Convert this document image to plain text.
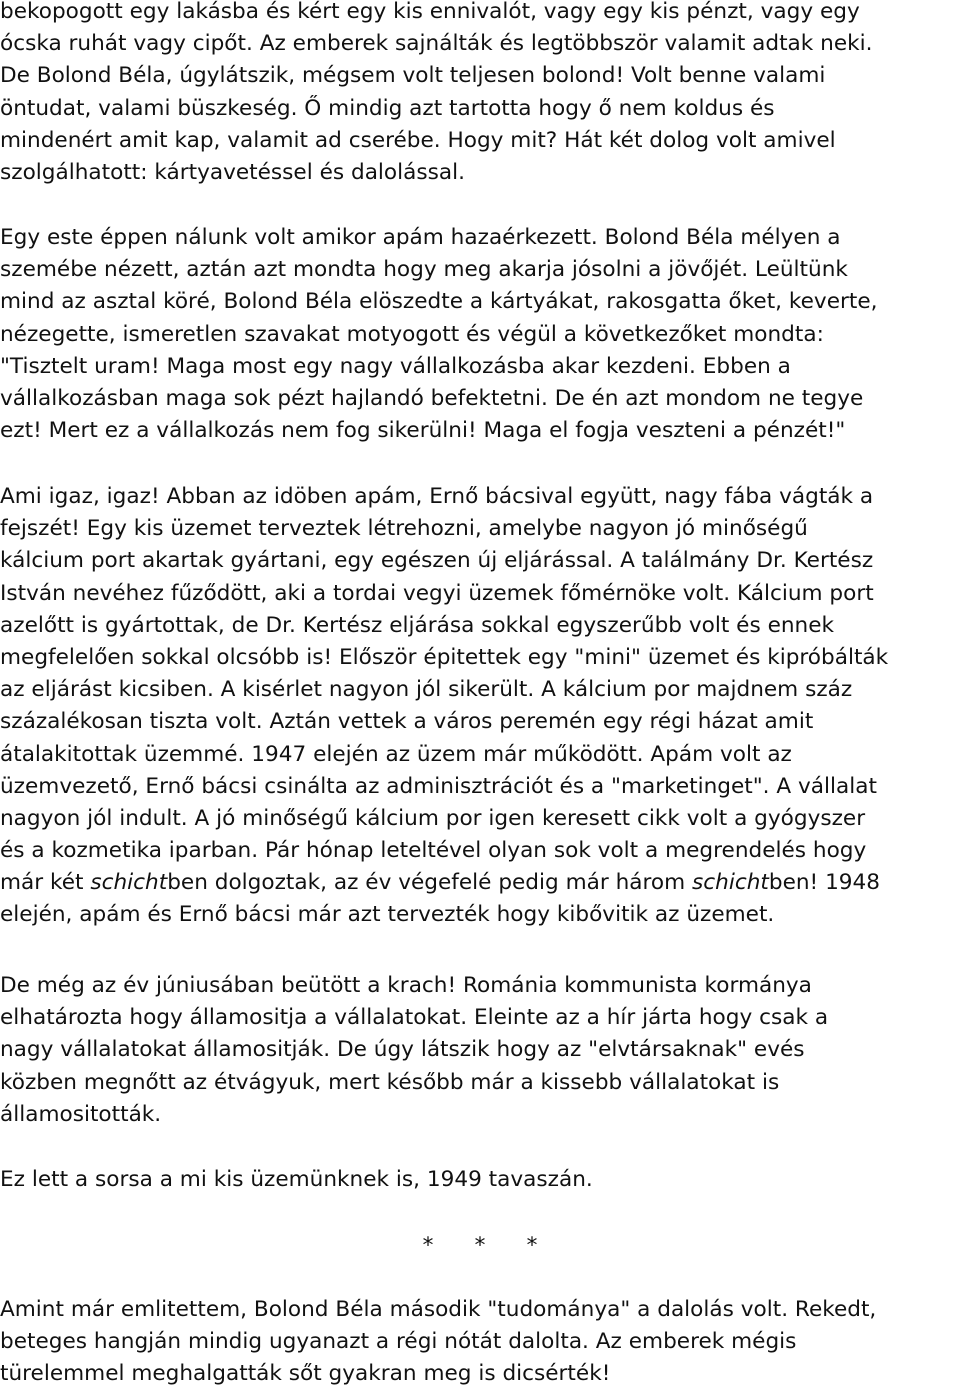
bekopogott egy lakásba és kért egy kis ennivalót, vagy egy kis pénzt, vagy egy
ócska ruhát vagy cipőt. Az emberek sajnálták és legtöbbször valamit adtak neki.
De Bolond Béla, úgylátszik, mégsem volt teljesen bolond! Volt benne valami
öntudat, valami büszkeség. Ő mindig azt tartotta hogy ő nem koldus és
mindenért amit kap, valamit ad cserébe. Hogy mit? Hát két dolog volt amivel
szolgálhatott: kártyavetéssel és dalolással.

Egy este éppen nálunk volt amikor apám hazaérkezett. Bolond Béla mélyen a
szemébe nézett, aztán azt mondta hogy meg akarja jósolni a jövőjét. Leültünk
mind az asztal köré, Bolond Béla elöszedte a kártyákat, rakosgatta őket, keverte,
nézegette, ismeretlen szavakat motyogott és végül a következőket mondta:
"Tisztelt uram! Maga most egy nagy vállalkozásba akar kezdeni. Ebben a
vállalkozásban maga sok pézt hajlandó befektetni. De én azt mondom ne tegye
ezt! Mert ez a vállalkozás nem fog sikerülni! Maga el fogja veszteni a pénzét!"

Ami igaz, igaz! Abban az idöben apám, Ernő bácsival együtt, nagy fába vágták a
fejszét! Egy kis üzemet terveztek létrehozni, amelybe nagyon jó minőségű
kálcium port akartak gyártani, egy egészen új eljárással. A találmány Dr. Kertész
István nevéhez fűződött, aki a tordai vegyi üzemek főmérnöke volt. Kálcium port
azelőtt is gyártottak, de Dr. Kertész eljárása sokkal egyszerűbb volt és ennek
megfelelően sokkal olcsóbb is! Először épitettek egy "mini" üzemet és kipróbálták
az eljárást kicsiben. A kisérlet nagyon jól sikerült. A kálcium por majdnem száz
százalékosan tiszta volt. Aztán vettek a város peremén egy régi házat amit
átalakitottak üzemmé. 1947 elején az üzem már működött. Apám volt az
üzemvezető, Ernő bácsi csinálta az adminisztrációt és a "marketinget". A vállalat
nagyon jól indult. A jó minőségű kálcium por igen keresett cikk volt a gyógyszer
és a kozmetika iparban. Pár hónap leteltével olyan sok volt a megrendelés hogy
már két schichtben dolgoztak, az év végefelé pedig már három schichtben! 1948
elején, apám és Ernő bácsi már azt tervezték hogy kibővitik az üzemet.

De még az év júniusában beütött a krach! Románia kommunista kormánya
elhatározta hogy államositja a vállalatokat. Eleinte az a hír járta hogy csak a
nagy vállalatokat államositják. De úgy látszik hogy az "elvtársaknak" evés
közben megnőtt az étvágyuk, mert később már a kissebb vállalatokat is
államositották.

Ez lett a sorsa a mi kis üzemünknek is, 1949 tavaszán.

*   *   *

Amint már emlitettem, Bolond Béla második "tudománya" a dalolás volt. Rekedt,
beteges hangján mindig ugyanazt a régi nótát dalolta. Az emberek mégis
türelemmel meghalgatták sőt gyakran meg is dicsérték!
